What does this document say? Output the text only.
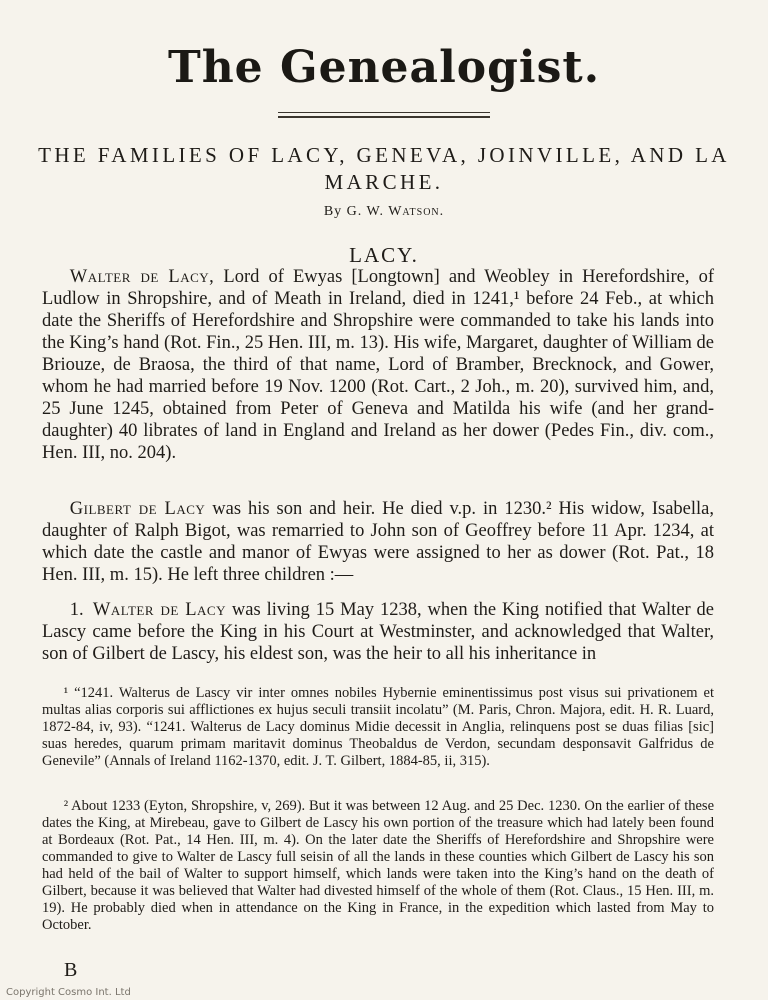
The Genealogist.
THE FAMILIES OF LACY, GENEVA, JOINVILLE, AND LA MARCHE.
By G. W. Watson.
LACY.

  Walter de Lacy, Lord of Ewyas [Longtown] and Weobley in Herefordshire, of Ludlow in Shropshire, and of Meath in Ireland, died in 1241,¹ before 24 Feb., at which date the Sheriffs of Herefordshire and Shropshire were commanded to take his lands into the King’s hand (Rot. Fin., 25 Hen. III, m. 13). His wife, Margaret, daughter of William de Briouze, de Braosa, the third of that name, Lord of Bramber, Brecknock, and Gower, whom he had married before 19 Nov. 1200 (Rot. Cart., 2 Joh., m. 20), survived him, and, 25 June 1245, obtained from Peter of Geneva and Matilda his wife (and her grand-daughter) 40 librates of land in England and Ireland as her dower (Pedes Fin., div. com., Hen. III, no. 204).

  Gilbert de Lacy was his son and heir. He died v.p. in 1230.² His widow, Isabella, daughter of Ralph Bigot, was remarried to John son of Geoffrey before 11 Apr. 1234, at which date the castle and manor of Ewyas were assigned to her as dower (Rot. Pat., 18 Hen. III, m. 15). He left three children :—

  1.  Walter de Lacy was living 15 May 1238, when the King notified that Walter de Lascy came before the King in his Court at Westminster, and acknowledged that Walter, son of Gilbert de Lascy, his eldest son, was the heir to all his inheritance in

  ¹ “1241. Walterus de Lascy vir inter omnes nobiles Hybernie eminentissimus post visus sui privationem et multas alias corporis sui afflictiones ex hujus seculi transiit incolatu” (M. Paris, Chron. Majora, edit. H. R. Luard, 1872-84, iv, 93). “1241. Walterus de Lacy dominus Midie decessit in Anglia, relinquens post se duas filias [sic] suas heredes, quarum primam maritavit dominus Theobaldus de Verdon, secundam desponsavit Galfridus de Genevile” (Annals of Ireland 1162-1370, edit. J. T. Gilbert, 1884-85, ii, 315).

  ² About 1233 (Eyton, Shropshire, v, 269). But it was between 12 Aug. and 25 Dec. 1230. On the earlier of these dates the King, at Mirebeau, gave to Gilbert de Lascy his own portion of the treasure which had lately been found at Bordeaux (Rot. Pat., 14 Hen. III, m. 4). On the later date the Sheriffs of Herefordshire and Shropshire were commanded to give to Walter de Lascy full seisin of all the lands in these counties which Gilbert de Lascy his son had held of the bail of Walter to support himself, which lands were taken into the King’s hand on the death of Gilbert, because it was believed that Walter had divested himself of the whole of them (Rot. Claus., 15 Hen. III, m. 19). He probably died when in attendance on the King in France, in the expedition which lasted from May to October.

B
Copyright Cosmo Int. Ltd
